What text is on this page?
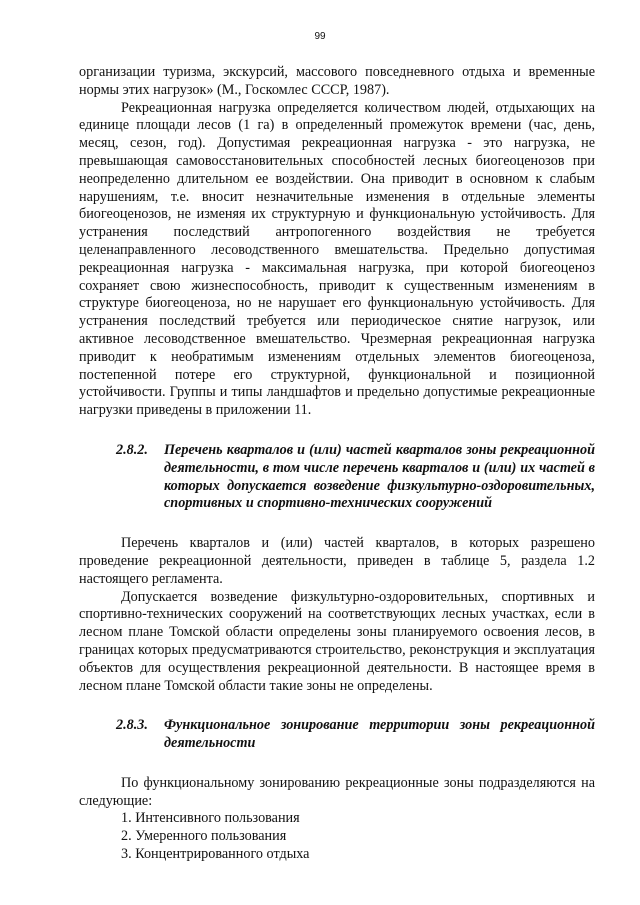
99

организации туризма, экскурсий, массового повседневного отдыха и временные нормы этих нагрузок» (М., Госкомлес СССР, 1987).

Рекреационная нагрузка определяется количеством людей, отдыхающих на единице площади лесов (1 га) в определенный промежуток времени (час, день, месяц, сезон, год). Допустимая рекреационная нагрузка - это нагрузка, не превышающая самовосстановительных способностей лесных биогеоценозов при неопределенно длительном ее воздействии. Она приводит в основном к слабым нарушениям, т.е. вносит незначительные изменения в отдельные элементы биогеоценозов, не изменяя их структурную и функциональную устойчивость. Для устранения последствий антропогенного воздействия не требуется целенаправленного лесоводственного вмешательства. Предельно допустимая рекреационная нагрузка - максимальная нагрузка, при которой биогеоценоз сохраняет свою жизнеспособность, приводит к существенным изменениям в структуре биогеоценоза, но не нарушает его функциональную устойчивость. Для устранения последствий требуется или периодическое снятие нагрузок, или активное лесоводственное вмешательство. Чрезмерная рекреационная нагрузка приводит к необратимым изменениям отдельных элементов биогеоценоза, постепенной потере его структурной, функциональной и позиционной устойчивости. Группы и типы ландшафтов и предельно допустимые рекреационные нагрузки приведены в приложении 11.

2.8.2.	Перечень кварталов и (или) частей кварталов зоны рекреационной деятельности, в том числе перечень кварталов и (или) их частей в которых допускается возведение физкультурно-оздоровительных, спортивных и спортивно-технических сооружений

Перечень кварталов и (или) частей кварталов, в которых разрешено проведение рекреационной деятельности, приведен в таблице 5, раздела 1.2 настоящего регламента.

Допускается возведение физкультурно-оздоровительных, спортивных и спортивно-технических сооружений на соответствующих лесных участках, если в лесном плане Томской области определены зоны планируемого освоения лесов, в границах которых предусматриваются строительство, реконструкция и эксплуатация объектов для осуществления рекреационной деятельности. В настоящее время в лесном плане Томской области такие зоны не определены.

2.8.3.	Функциональное зонирование территории зоны рекреационной деятельности

По функциональному зонированию рекреационные зоны подразделяются на следующие:

1. Интенсивного пользования
2. Умеренного пользования
3. Концентрированного отдыха
